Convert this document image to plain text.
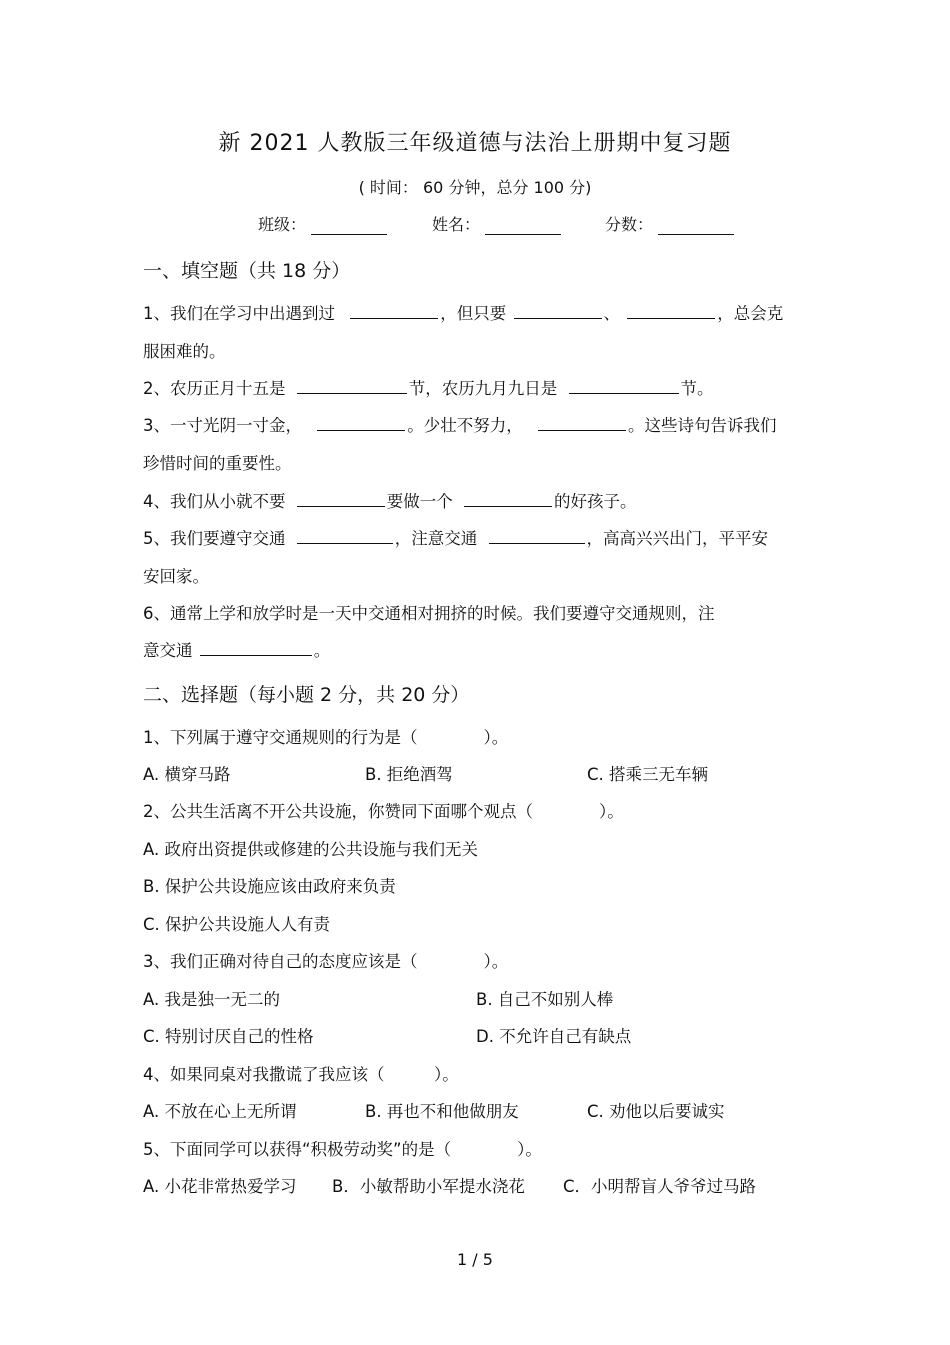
新 2021 人教版三年级道德与法治上册期中复习题
( 时间： 60 分钟，总分 100 分)
班级：	姓名：	分数：
一、填空题（共 18 分）
1、我们在学习中出遇到过	，但只要	、	，总会克
服困难的。
2、农历正月十五是	节，农历九月九日是	节。
3、一寸光阴一寸金，	。少壮不努力，	。这些诗句告诉我们
珍惜时间的重要性。
4、我们从小就不要	要做一个	的好孩子。
5、我们要遵守交通	，注意交通	，高高兴兴出门，平平安
安回家。
6、通常上学和放学时是一天中交通相对拥挤的时候。我们要遵守交通规则，注
意交通	。
二、选择题（每小题 2 分，共 20 分）
1、下列属于遵守交通规则的行为是（　　　　）。
A. 横穿马路	B. 拒绝酒驾	C. 搭乘三无车辆
2、公共生活离不开公共设施，你赞同下面哪个观点（　　　　）。
A. 政府出资提供或修建的公共设施与我们无关
B. 保护公共设施应该由政府来负责
C. 保护公共设施人人有责
3、我们正确对待自己的态度应该是（　　　　）。
A. 我是独一无二的	B. 自己不如别人棒
C. 特别讨厌自己的性格	D. 不允许自己有缺点
4、如果同桌对我撒谎了我应该（　　　）。
A. 不放在心上无所谓	B. 再也不和他做朋友	C. 劝他以后要诚实
5、下面同学可以获得“积极劳动奖”的是（　　　　）。
A. 小花非常热爱学习 B．小敏帮助小军提水浇花 C．小明帮盲人爷爷过马路
1 / 5
